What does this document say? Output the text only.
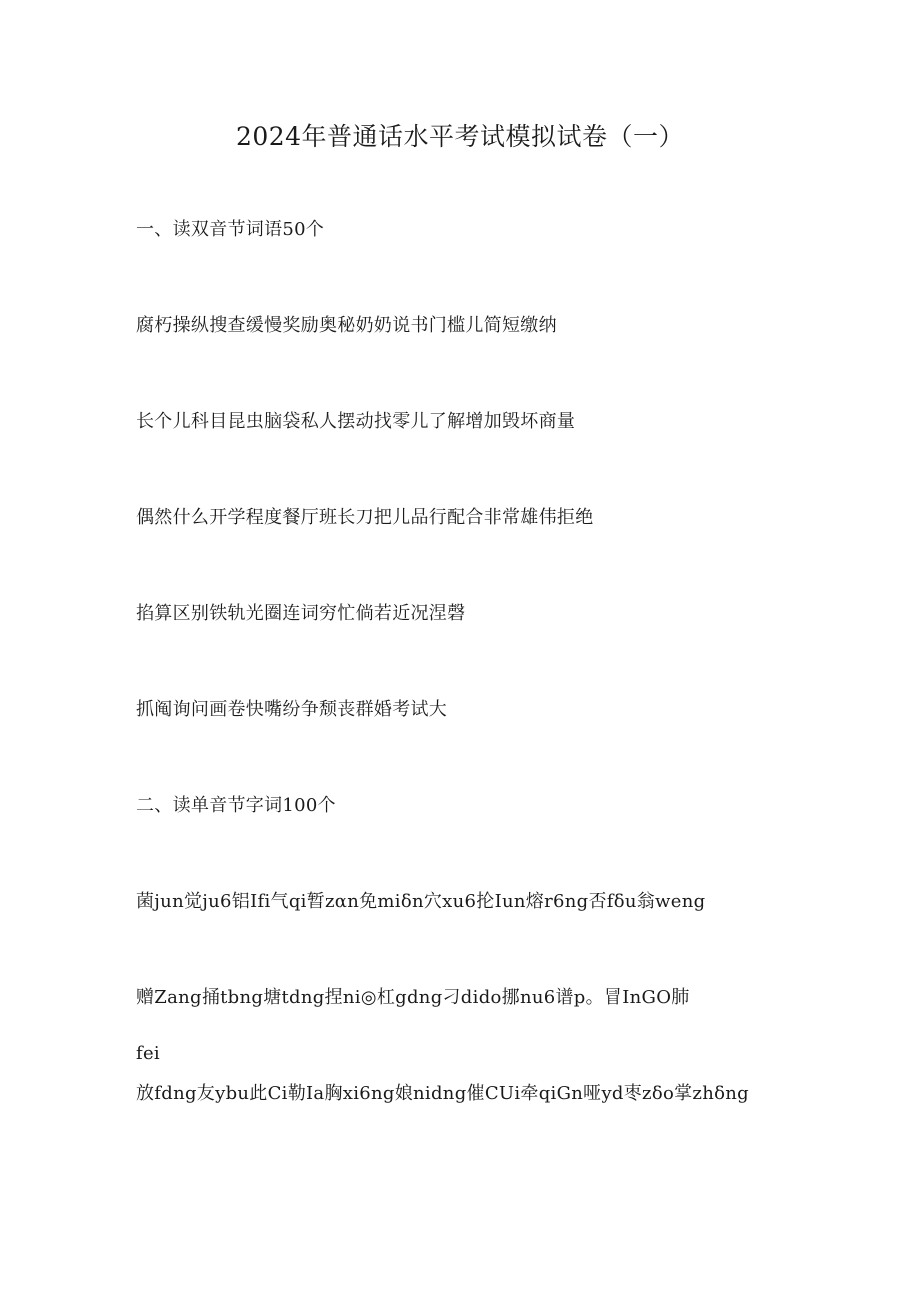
2024年普通话水平考试模拟试卷（一）
一、读双音节词语50个
腐朽操纵搜查缓慢奖励奥秘奶奶说书门槛儿简短缴纳
长个儿科目昆虫脑袋私人摆动找零儿了解增加毁坏商量
偶然什么开学程度餐厅班长刀把儿品行配合非常雄伟拒绝
掐算区别铁轨光圈连词穷忙倘若近况涅磬
抓阄询问画卷快嘴纷争颓丧群婚考试大
二、读单音节字词100个
菌jun觉ju6铝Ifi气qi暂zαn免miδn穴xu6抡Iun熔r6ng否fδu翁weng
赠Zang捅tbng塘tdng捏ni◎杠gdng刁dido挪nu6谱p。冒InGO肺
fei
放fdng友ybu此Ci勒Ia胸xi6ng娘nidng催CUi牵qiGn哑yd枣zδo掌zhδng
